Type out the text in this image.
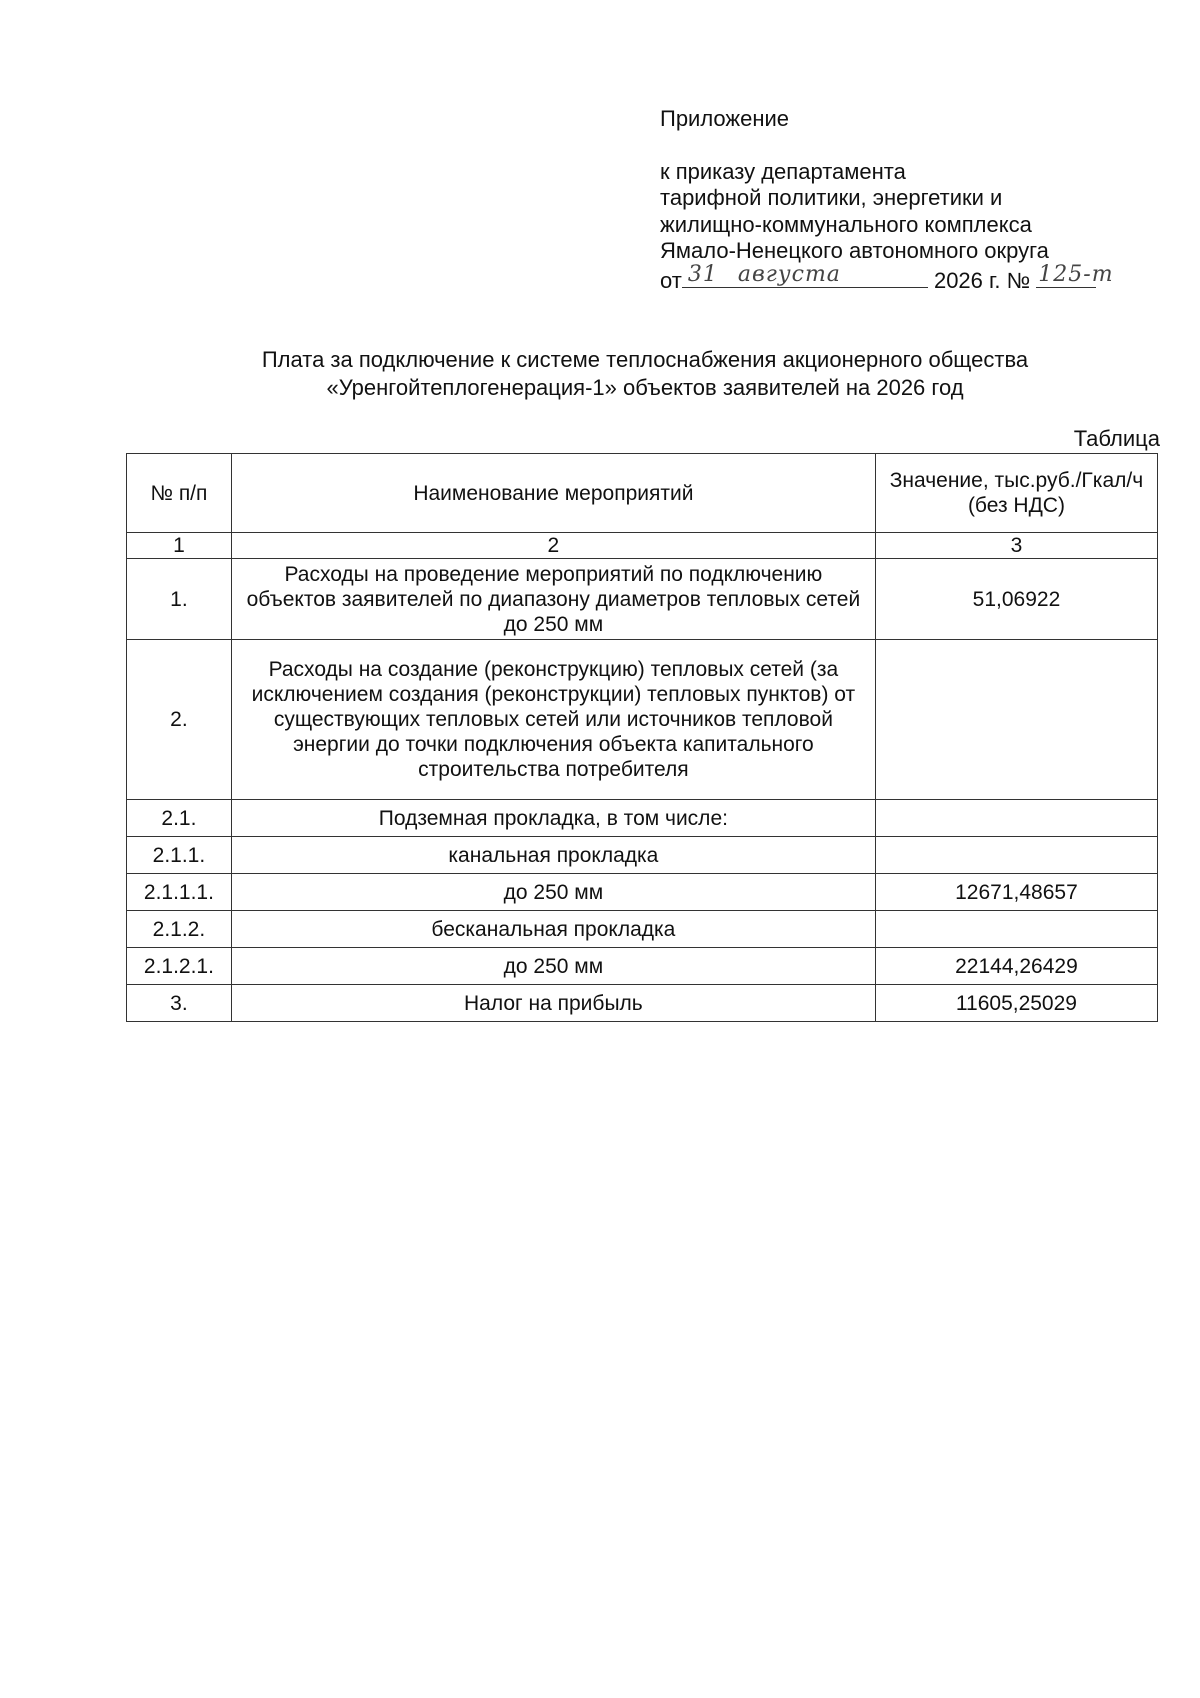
Приложение
к приказу департамента
тарифной политики, энергетики и
жилищно-коммунального комплекса
Ямало-Ненецкого автономного округа
от 31 августа	2026 г. № 125-т
Плата за подключение к системе теплоснабжения акционерного общества
«Уренгойтеплогенерация-1» объектов заявителей на 2026 год
Таблица
№ п/п	Наименование мероприятий	Значение, тыс.руб./Гкал/ч (без НДС)
1	2	3
1.	Расходы на проведение мероприятий по подключению объектов заявителей по диапазону диаметров тепловых сетей до 250 мм	51,06922
2.	Расходы на создание (реконструкцию) тепловых сетей (за исключением создания (реконструкции) тепловых пунктов) от существующих тепловых сетей или источников тепловой энергии до точки подключения объекта капитального строительства потребителя	
2.1.	Подземная прокладка, в том числе:	
2.1.1.	канальная прокладка	
2.1.1.1.	до 250 мм	12671,48657
2.1.2.	бесканальная прокладка	
2.1.2.1.	до 250 мм	22144,26429
3.	Налог на прибыль	11605,25029
